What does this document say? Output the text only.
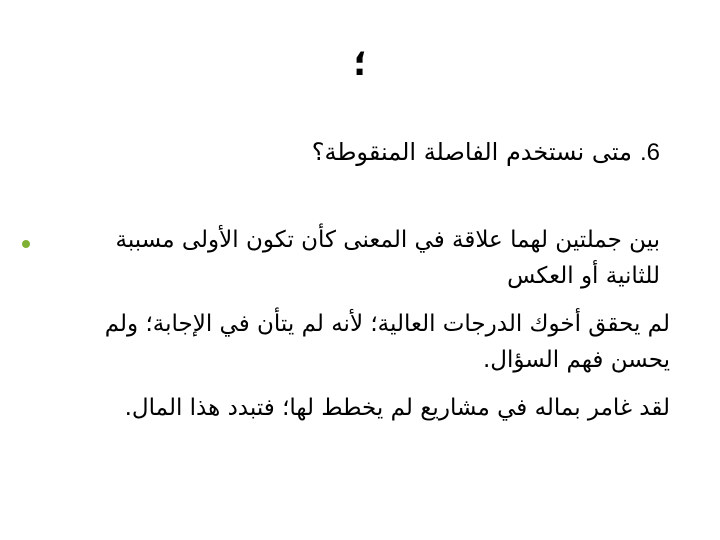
؛
6.متى نستخدم الفاصلة المنقوطة؟
بين جملتين لهما علاقة في المعنى كأن تكون الأولى مسببة
للثانية أو العكس
لم يحقق أخوك الدرجات العالية؛ لأنه لم يتأن في الإجابة؛ ولم
يحسن فهم السؤال.
لقد غامر بماله في مشاريع لم يخطط لها؛ فتبدد هذا المال.
